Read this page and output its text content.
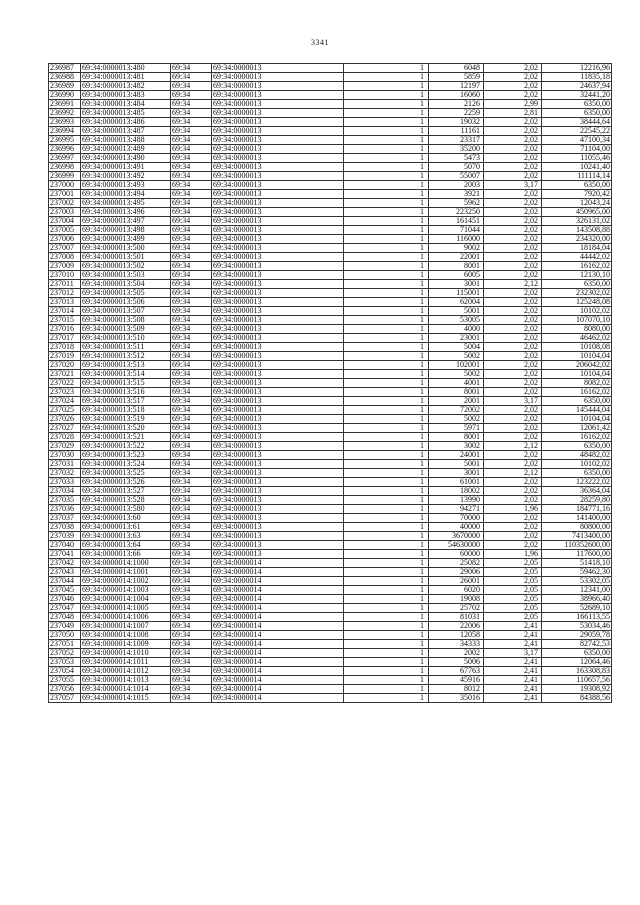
3341
236987	69:34:0000013:480	69:34	69:34:0000013	1	6048	2,02	12216,96
236988	69:34:0000013:481	69:34	69:34:0000013	1	5859	2,02	11835,18
236989	69:34:0000013:482	69:34	69:34:0000013	1	12197	2,02	24637,94
236990	69:34:0000013:483	69:34	69:34:0000013	1	16060	2,02	32441,20
236991	69:34:0000013:484	69:34	69:34:0000013	1	2126	2,99	6350,00
236992	69:34:0000013:485	69:34	69:34:0000013	1	2259	2,81	6350,00
236993	69:34:0000013:486	69:34	69:34:0000013	1	19032	2,02	38444,64
236994	69:34:0000013:487	69:34	69:34:0000013	1	11161	2,02	22545,22
236995	69:34:0000013:488	69:34	69:34:0000013	1	23317	2,02	47100,34
236996	69:34:0000013:489	69:34	69:34:0000013	1	35200	2,02	71104,00
236997	69:34:0000013:490	69:34	69:34:0000013	1	5473	2,02	11055,46
236998	69:34:0000013:491	69:34	69:34:0000013	1	5070	2,02	10241,40
236999	69:34:0000013:492	69:34	69:34:0000013	1	55007	2,02	111114,14
237000	69:34:0000013:493	69:34	69:34:0000013	1	2003	3,17	6350,00
237001	69:34:0000013:494	69:34	69:34:0000013	1	3921	2,02	7920,42
237002	69:34:0000013:495	69:34	69:34:0000013	1	5962	2,02	12043,24
237003	69:34:0000013:496	69:34	69:34:0000013	1	223250	2,02	450965,00
237004	69:34:0000013:497	69:34	69:34:0000013	1	161451	2,02	326131,02
237005	69:34:0000013:498	69:34	69:34:0000013	1	71044	2,02	143508,88
237006	69:34:0000013:499	69:34	69:34:0000013	1	116000	2,02	234320,00
237007	69:34:0000013:500	69:34	69:34:0000013	1	9002	2,02	18184,04
237008	69:34:0000013:501	69:34	69:34:0000013	1	22001	2,02	44442,02
237009	69:34:0000013:502	69:34	69:34:0000013	1	8001	2,02	16162,02
237010	69:34:0000013:503	69:34	69:34:0000013	1	6005	2,02	12130,10
237011	69:34:0000013:504	69:34	69:34:0000013	1	3001	2,12	6350,00
237012	69:34:0000013:505	69:34	69:34:0000013	1	115001	2,02	232302,02
237013	69:34:0000013:506	69:34	69:34:0000013	1	62004	2,02	125248,08
237014	69:34:0000013:507	69:34	69:34:0000013	1	5001	2,02	10102,02
237015	69:34:0000013:508	69:34	69:34:0000013	1	53005	2,02	107070,10
237016	69:34:0000013:509	69:34	69:34:0000013	1	4000	2,02	8080,00
237017	69:34:0000013:510	69:34	69:34:0000013	1	23001	2,02	46462,02
237018	69:34:0000013:511	69:34	69:34:0000013	1	5004	2,02	10108,08
237019	69:34:0000013:512	69:34	69:34:0000013	1	5002	2,02	10104,04
237020	69:34:0000013:513	69:34	69:34:0000013	1	102001	2,02	206042,02
237021	69:34:0000013:514	69:34	69:34:0000013	1	5002	2,02	10104,04
237022	69:34:0000013:515	69:34	69:34:0000013	1	4001	2,02	8082,02
237023	69:34:0000013:516	69:34	69:34:0000013	1	8001	2,02	16162,02
237024	69:34:0000013:517	69:34	69:34:0000013	1	2001	3,17	6350,00
237025	69:34:0000013:518	69:34	69:34:0000013	1	72002	2,02	145444,04
237026	69:34:0000013:519	69:34	69:34:0000013	1	5002	2,02	10104,04
237027	69:34:0000013:520	69:34	69:34:0000013	1	5971	2,02	12061,42
237028	69:34:0000013:521	69:34	69:34:0000013	1	8001	2,02	16162,02
237029	69:34:0000013:522	69:34	69:34:0000013	1	3002	2,12	6350,00
237030	69:34:0000013:523	69:34	69:34:0000013	1	24001	2,02	48482,02
237031	69:34:0000013:524	69:34	69:34:0000013	1	5001	2,02	10102,02
237032	69:34:0000013:525	69:34	69:34:0000013	1	3001	2,12	6350,00
237033	69:34:0000013:526	69:34	69:34:0000013	1	61001	2,02	123222,02
237034	69:34:0000013:527	69:34	69:34:0000013	1	18002	2,02	36364,04
237035	69:34:0000013:528	69:34	69:34:0000013	1	13990	2,02	28259,80
237036	69:34:0000013:580	69:34	69:34:0000013	1	94271	1,96	184771,16
237037	69:34:0000013:60	69:34	69:34:0000013	1	70000	2,02	141400,00
237038	69:34:0000013:61	69:34	69:34:0000013	1	40000	2,02	80800,00
237039	69:34:0000013:63	69:34	69:34:0000013	1	3670000	2,02	7413400,00
237040	69:34:0000013:64	69:34	69:34:0000013	1	54630000	2,02	110352600,00
237041	69:34:0000013:66	69:34	69:34:0000013	1	60000	1,96	117600,00
237042	69:34:0000014:1000	69:34	69:34:0000014	1	25082	2,05	51418,10
237043	69:34:0000014:1001	69:34	69:34:0000014	1	29006	2,05	59462,30
237044	69:34:0000014:1002	69:34	69:34:0000014	1	26001	2,05	53302,05
237045	69:34:0000014:1003	69:34	69:34:0000014	1	6020	2,05	12341,00
237046	69:34:0000014:1004	69:34	69:34:0000014	1	19008	2,05	38966,40
237047	69:34:0000014:1005	69:34	69:34:0000014	1	25702	2,05	52689,10
237048	69:34:0000014:1006	69:34	69:34:0000014	1	81031	2,05	166113,55
237049	69:34:0000014:1007	69:34	69:34:0000014	1	22006	2,41	53034,46
237050	69:34:0000014:1008	69:34	69:34:0000014	1	12058	2,41	29059,78
237051	69:34:0000014:1009	69:34	69:34:0000014	1	34333	2,41	82742,53
237052	69:34:0000014:1010	69:34	69:34:0000014	1	2002	3,17	6350,00
237053	69:34:0000014:1011	69:34	69:34:0000014	1	5006	2,41	12064,46
237054	69:34:0000014:1012	69:34	69:34:0000014	1	67763	2,41	163308,83
237055	69:34:0000014:1013	69:34	69:34:0000014	1	45916	2,41	110657,56
237056	69:34:0000014:1014	69:34	69:34:0000014	1	8012	2,41	19308,92
237057	69:34:0000014:1015	69:34	69:34:0000014	1	35016	2,41	84388,56
